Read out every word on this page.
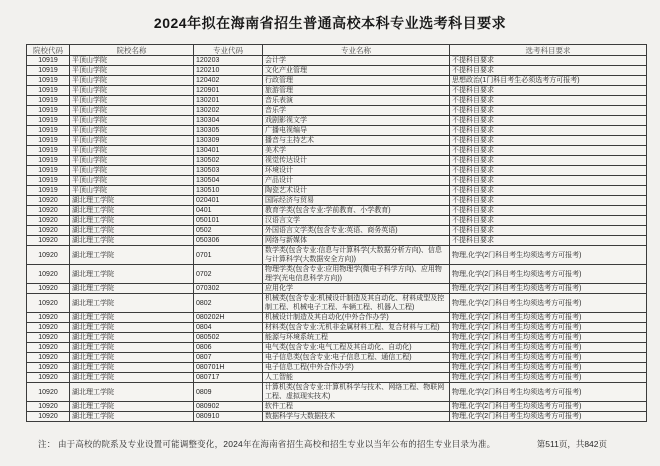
2024年拟在海南省招生普通高校本科专业选考科目要求
院校代码	院校名称	专业代码	专业名称	选考科目要求
10919	平顶山学院	120203	会计学	不提科目要求
10919	平顶山学院	120210	文化产业管理	不提科目要求
10919	平顶山学院	120402	行政管理	思想政治(1门科目考生必须选考方可报考)
10919	平顶山学院	120901	旅游管理	不提科目要求
10919	平顶山学院	130201	音乐表演	不提科目要求
10919	平顶山学院	130202	音乐学	不提科目要求
10919	平顶山学院	130304	戏剧影视文学	不提科目要求
10919	平顶山学院	130305	广播电视编导	不提科目要求
10919	平顶山学院	130309	播音与主持艺术	不提科目要求
10919	平顶山学院	130401	美术学	不提科目要求
10919	平顶山学院	130502	视觉传达设计	不提科目要求
10919	平顶山学院	130503	环境设计	不提科目要求
10919	平顶山学院	130504	产品设计	不提科目要求
10919	平顶山学院	130510	陶瓷艺术设计	不提科目要求
10920	湖北理工学院	020401	国际经济与贸易	不提科目要求
10920	湖北理工学院	0401	教育学类(包含专业:学前教育、小学教育)	不提科目要求
10920	湖北理工学院	050101	汉语言文学	不提科目要求
10920	湖北理工学院	0502	外国语言文学类(包含专业:英语、商务英语)	不提科目要求
10920	湖北理工学院	050306	网络与新媒体	不提科目要求
10920	湖北理工学院	0701	数学类(包含专业:信息与计算科学(大数据分析方向)、信息与计算科学(大数据安全方向))	物理,化学(2门科目考生均须选考方可报考)
10920	湖北理工学院	0702	物理学类(包含专业:应用物理学(微电子科学方向)、应用物理学(光电信息科学方向))	物理,化学(2门科目考生均须选考方可报考)
10920	湖北理工学院	070302	应用化学	物理,化学(2门科目考生均须选考方可报考)
10920	湖北理工学院	0802	机械类(包含专业:机械设计制造及其自动化、材料成型及控制工程、机械电子工程、车辆工程、机器人工程)	物理,化学(2门科目考生均须选考方可报考)
10920	湖北理工学院	080202H	机械设计制造及其自动化(中外合作办学)	物理,化学(2门科目考生均须选考方可报考)
10920	湖北理工学院	0804	材料类(包含专业:无机非金属材料工程、复合材料与工程)	物理,化学(2门科目考生均须选考方可报考)
10920	湖北理工学院	080502	能源与环境系统工程	物理,化学(2门科目考生均须选考方可报考)
10920	湖北理工学院	0806	电气类(包含专业:电气工程及其自动化、自动化)	物理,化学(2门科目考生均须选考方可报考)
10920	湖北理工学院	0807	电子信息类(包含专业:电子信息工程、通信工程)	物理,化学(2门科目考生均须选考方可报考)
10920	湖北理工学院	080701H	电子信息工程(中外合作办学)	物理,化学(2门科目考生均须选考方可报考)
10920	湖北理工学院	080717	人工智能	物理,化学(2门科目考生均须选考方可报考)
10920	湖北理工学院	0809	计算机类(包含专业:计算机科学与技术、网络工程、物联网工程、虚拟现实技术)	物理,化学(2门科目考生均须选考方可报考)
10920	湖北理工学院	080902	软件工程	物理,化学(2门科目考生均须选考方可报考)
10920	湖北理工学院	080910	数据科学与大数据技术	物理,化学(2门科目考生均须选考方可报考)
注： 由于高校的院系及专业设置可能调整变化，2024年在海南省招生高校和招生专业以当年公布的招生专业目录为准。	第511页，共842页
